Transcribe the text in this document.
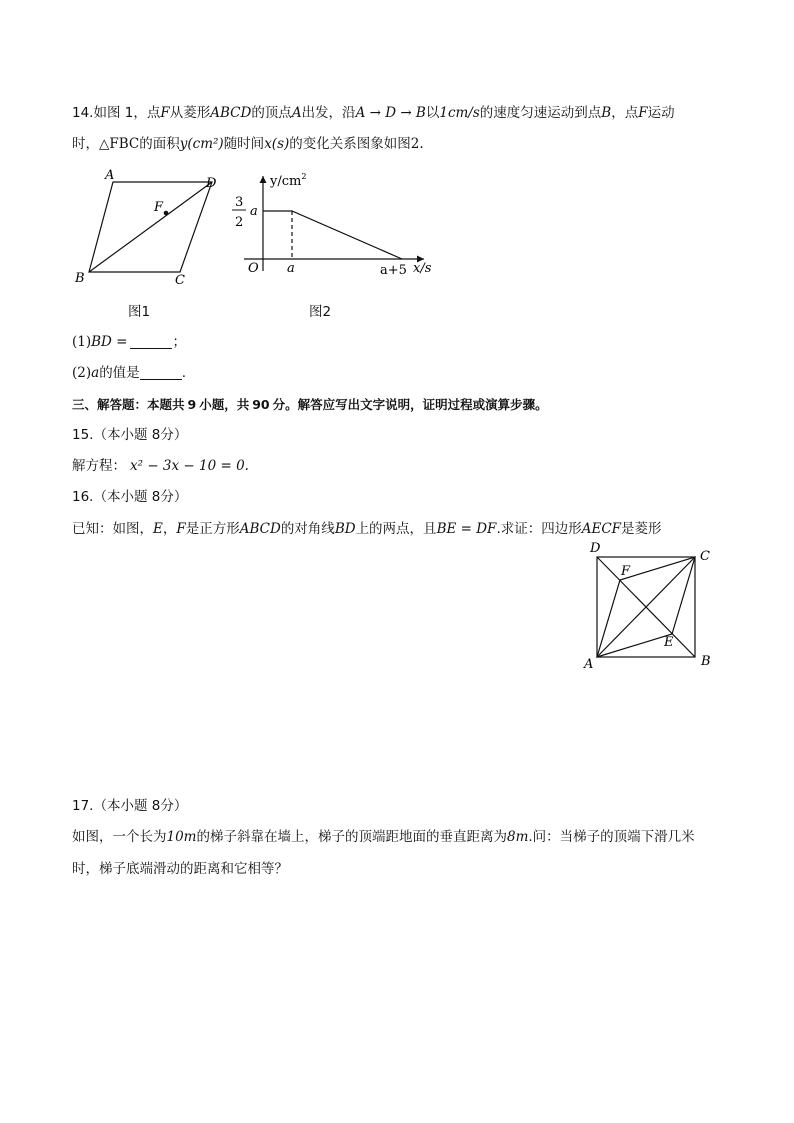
14.如图 1，点F从菱形ABCD的顶点A出发，沿A → D → B以1cm/s的速度匀速运动到点B，点F运动
时，△FBC的面积y(cm²)随时间x(s)的变化关系图象如图2.
A
D
F
B	C
图1
$y/cm^2$
3
2
a
O a	a+5 x/s
图2
(1)BD =	；
(2)a的值是	.
三、解答题：本题共 9 小题，共 90 分。解答应写出文字说明，证明过程或演算步骤。
15.（本小题 8分）
解方程： x² − 3x − 10 = 0.
16.（本小题 8分）
已知：如图，E，F是正方形ABCD的对角线BD上的两点，且BE = DF.求证：四边形AECF是菱形
D
C
F
E
A	B
17.（本小题 8分）
如图，一个长为10m的梯子斜靠在墙上，梯子的顶端距地面的垂直距离为8m.问：当梯子的顶端下滑几米
时，梯子底端滑动的距离和它相等？
